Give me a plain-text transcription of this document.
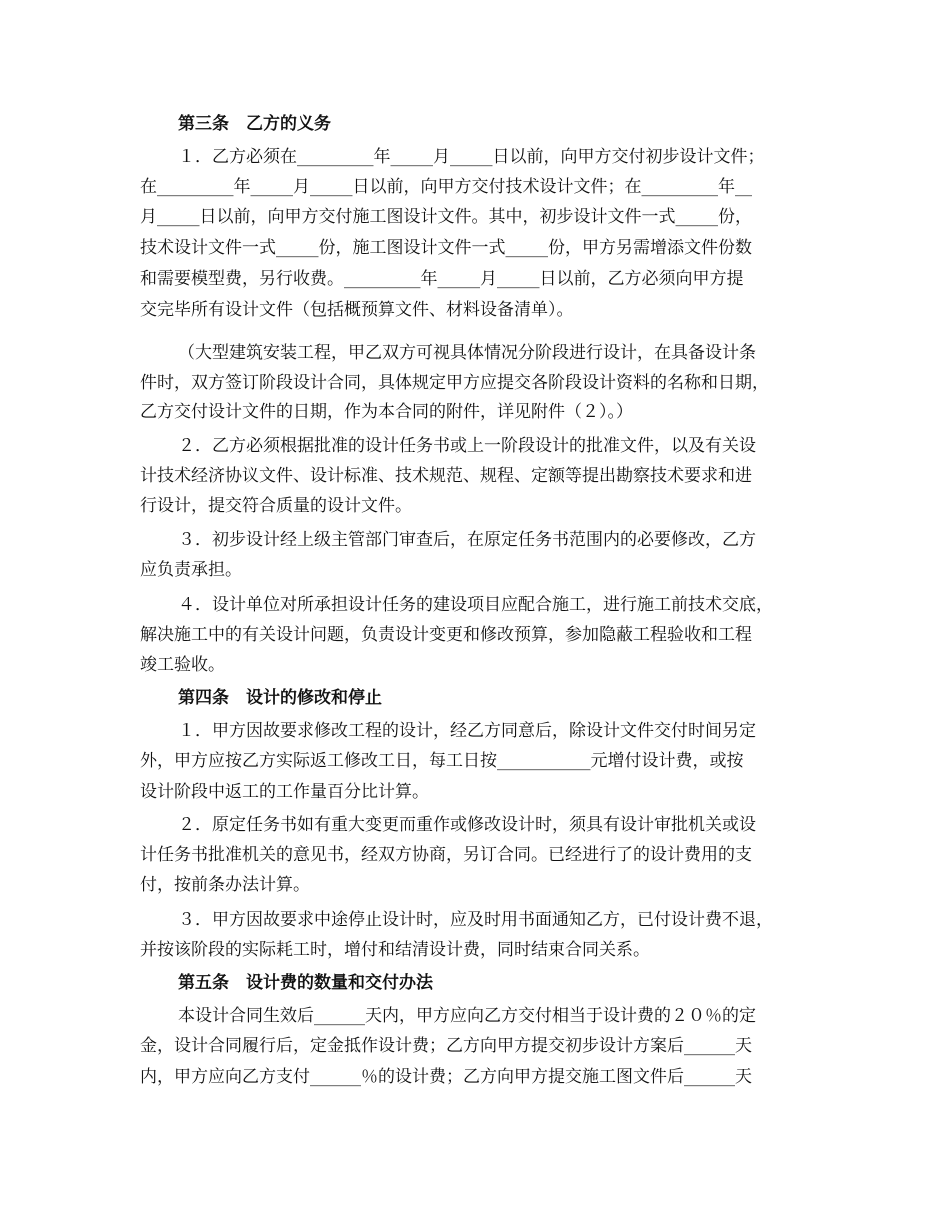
第三条　乙方的义务

１．乙方必须在_________年_____月_____日以前，向甲方交付初步设计文件；

在_________年_____月_____日以前，向甲方交付技术设计文件；在_________年__

月_____日以前，向甲方交付施工图设计文件。其中，初步设计文件一式_____份，

技术设计文件一式_____份，施工图设计文件一式_____份，甲方另需增添文件份数

和需要模型费，另行收费。_________年_____月_____日以前，乙方必须向甲方提

交完毕所有设计文件（包括概预算文件、材料设备清单）。

（大型建筑安装工程，甲乙双方可视具体情况分阶段进行设计，在具备设计条

件时，双方签订阶段设计合同，具体规定甲方应提交各阶段设计资料的名称和日期，

乙方交付设计文件的日期，作为本合同的附件，详见附件（２）。）

２．乙方必须根据批准的设计任务书或上一阶段设计的批准文件，以及有关设

计技术经济协议文件、设计标准、技术规范、规程、定额等提出勘察技术要求和进

行设计，提交符合质量的设计文件。

３．初步设计经上级主管部门审查后，在原定任务书范围内的必要修改，乙方

应负责承担。

４．设计单位对所承担设计任务的建设项目应配合施工，进行施工前技术交底，

解决施工中的有关设计问题，负责设计变更和修改预算，参加隐蔽工程验收和工程

竣工验收。

第四条　设计的修改和停止

１．甲方因故要求修改工程的设计，经乙方同意后，除设计文件交付时间另定

外，甲方应按乙方实际返工修改工日，每工日按___________元增付设计费，或按

设计阶段中返工的工作量百分比计算。

２．原定任务书如有重大变更而重作或修改设计时，须具有设计审批机关或设

计任务书批准机关的意见书，经双方协商，另订合同。已经进行了的设计费用的支

付，按前条办法计算。

３．甲方因故要求中途停止设计时，应及时用书面通知乙方，已付设计费不退，

并按该阶段的实际耗工时，增付和结清设计费，同时结束合同关系。

第五条　设计费的数量和交付办法

本设计合同生效后______天内，甲方应向乙方交付相当于设计费的２０％的定

金，设计合同履行后，定金抵作设计费；乙方向甲方提交初步设计方案后______天

内，甲方应向乙方支付______％的设计费；乙方向甲方提交施工图文件后______天
